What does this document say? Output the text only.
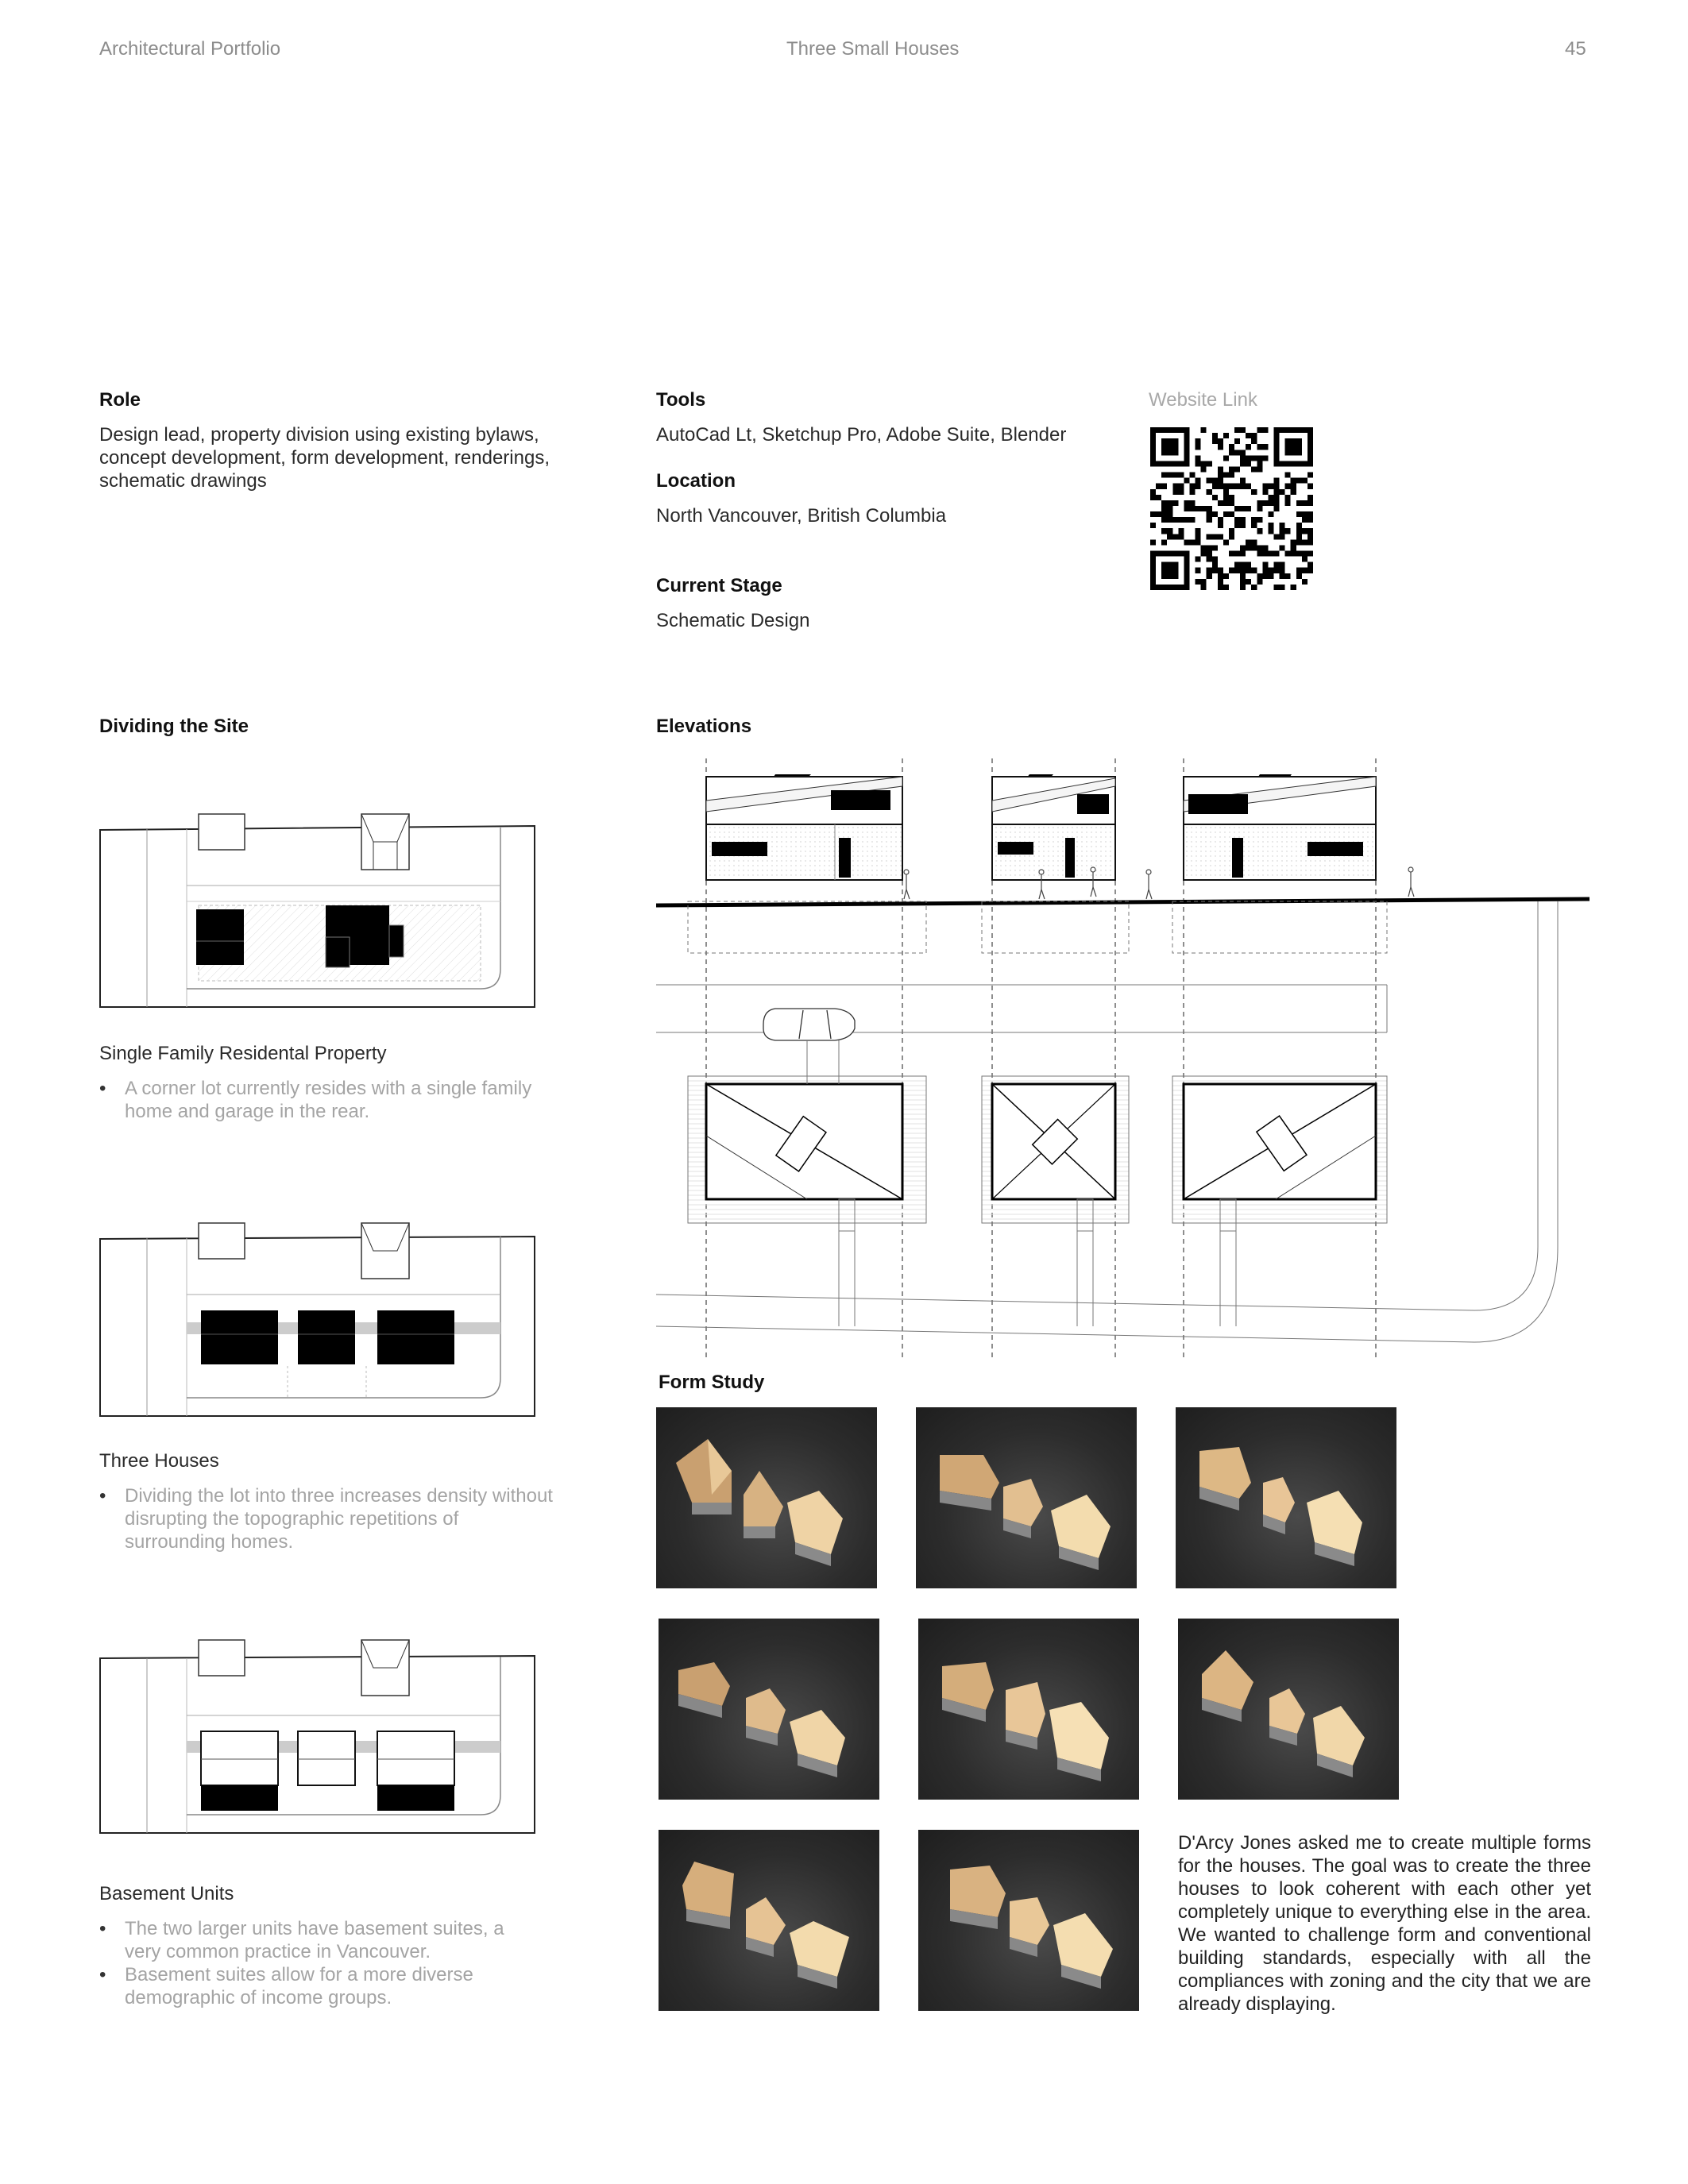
Architectural Portfolio	Three Small Houses	45
Role
Design lead, property division using existing bylaws, concept development, form development, renderings, schematic drawings
Tools
AutoCad Lt, Sketchup Pro, Adobe Suite, Blender
Location
North Vancouver, British Columbia
Current Stage
Schematic Design
Website Link
Dividing the Site
Single Family Residental Property
• A corner lot currently resides with a single family home and garage in the rear.
Three Houses
• Dividing the lot into three increases density without disrupting the topographic repetitions of surrounding homes.
Basement Units
• The two larger units have basement suites, a very common practice in Vancouver.
• Basement suites allow for a more diverse demographic of income groups.
Elevations
Form Study
D'Arcy Jones asked me to create multiple forms for the houses. The goal was to create the three houses to look coherent with each other yet completely unique to everything else in the area. We wanted to challenge form and conventional building standards, especially with all the compliances with zoning and the city that we are already displaying.
